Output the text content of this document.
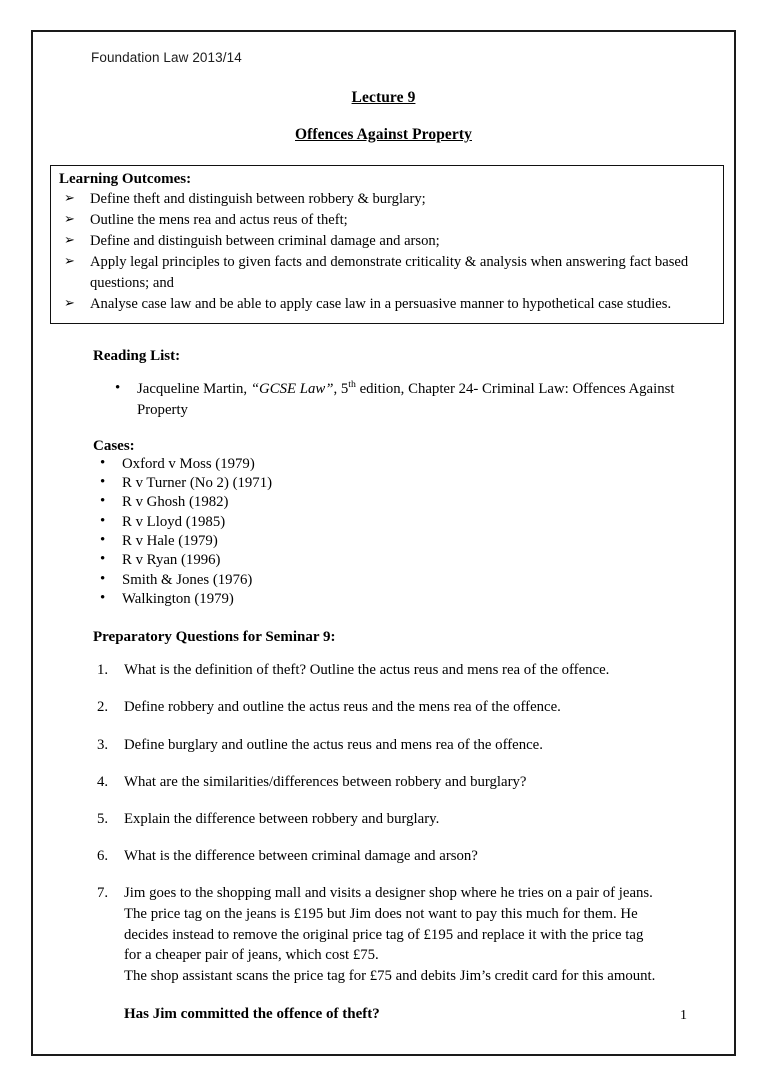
Foundation Law 2013/14
Lecture 9
Offences Against Property
Learning Outcomes:
➢ Define theft and distinguish between robbery & burglary;
➢ Outline the mens rea and actus reus of theft;
➢ Define and distinguish between criminal damage and arson;
➢ Apply legal principles to given facts and demonstrate criticality & analysis when answering fact based questions; and
➢ Analyse case law and be able to apply case law in a persuasive manner to hypothetical case studies.
Reading List:
• Jacqueline Martin, “GCSE Law”, 5th edition, Chapter 24- Criminal Law: Offences Against Property
Cases:
• Oxford v Moss (1979)
• R v Turner (No 2) (1971)
• R v Ghosh (1982)
• R v Lloyd (1985)
• R v Hale (1979)
• R v Ryan (1996)
• Smith & Jones (1976)
• Walkington (1979)
Preparatory Questions for Seminar 9:
1. What is the definition of theft? Outline the actus reus and mens rea of the offence.
2. Define robbery and outline the actus reus and the mens rea of the offence.
3. Define burglary and outline the actus reus and mens rea of the offence.
4. What are the similarities/differences between robbery and burglary?
5. Explain the difference between robbery and burglary.
6. What is the difference between criminal damage and arson?
7. Jim goes to the shopping mall and visits a designer shop where he tries on a pair of jeans.
The price tag on the jeans is £195 but Jim does not want to pay this much for them. He
decides instead to remove the original price tag of £195 and replace it with the price tag
for a cheaper pair of jeans, which cost £75.
The shop assistant scans the price tag for £75 and debits Jim’s credit card for this amount.
Has Jim committed the offence of theft?	1
